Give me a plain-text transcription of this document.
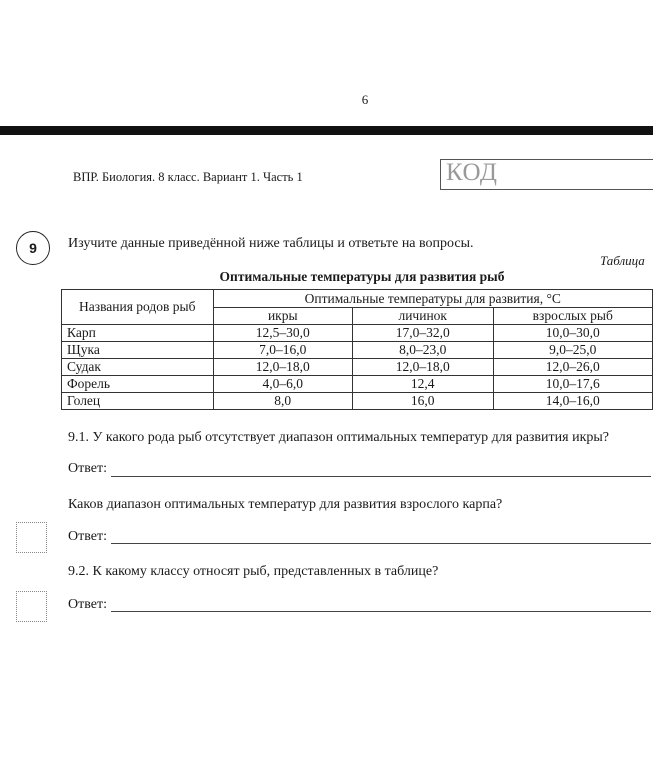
6
ВПР. Биология. 8 класс. Вариант 1. Часть 1	КОД
9 Изучите данные приведённой ниже таблицы и ответьте на вопросы.
Таблица
Оптимальные температуры для развития рыб
Названия родов рыб	Оптимальные температуры для развития, °С		
	икры	личинок	взрослых рыб
Карп	12,5–30,0	17,0–32,0	10,0–30,0
Щука	7,0–16,0	8,0–23,0	9,0–25,0
Судак	12,0–18,0	12,0–18,0	12,0–26,0
Форель	4,0–6,0	12,4	10,0–17,6
Голец	8,0	16,0	14,0–16,0
9.1. У какого рода рыб отсутствует диапазон оптимальных температур для развития икры?
Ответ:
Каков диапазон оптимальных температур для развития взрослого карпа?
Ответ:
9.2. К какому классу относят рыб, представленных в таблице?
Ответ:
